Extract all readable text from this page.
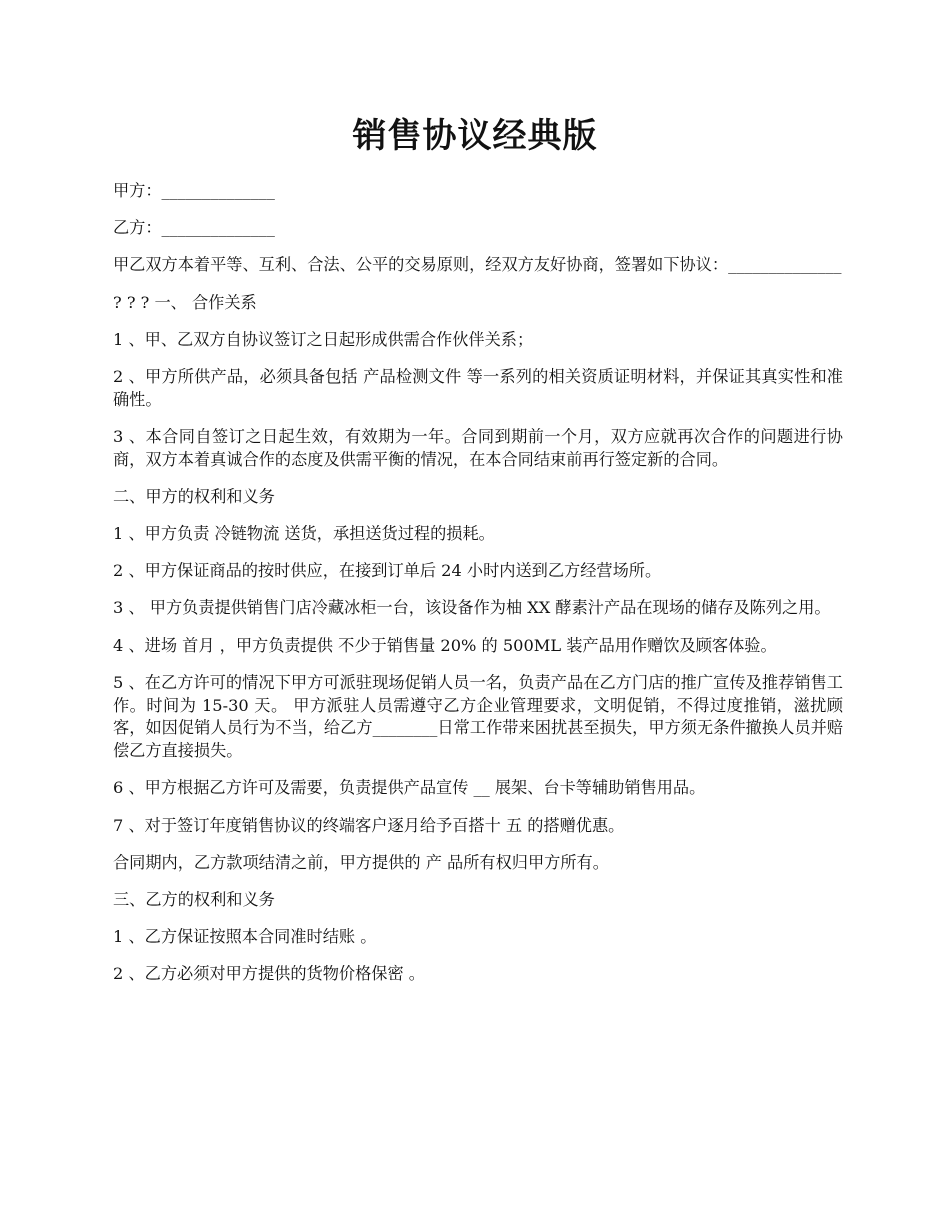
销售协议经典版

甲方：______________

乙方：______________

甲乙双方本着平等、互利、合法、公平的交易原则，经双方友好协商，签署如下协议：______________

? ? ? 一、 合作关系

1 、甲、乙双方自协议签订之日起形成供需合作伙伴关系；

2 、甲方所供产品，必须具备包括 产品检测文件 等一系列的相关资质证明材料，并保证其真实性和准确性。

3 、本合同自签订之日起生效，有效期为一年。合同到期前一个月，双方应就再次合作的问题进行协商，双方本着真诚合作的态度及供需平衡的情况，在本合同结束前再行签定新的合同。

二、甲方的权利和义务

1 、甲方负责 冷链物流 送货，承担送货过程的损耗。

2 、甲方保证商品的按时供应，在接到订单后 24 小时内送到乙方经营场所。

3 、 甲方负责提供销售门店冷藏冰柜一台，该设备作为柚 XX 酵素汁产品在现场的储存及陈列之用。

4 、进场 首月 ，甲方负责提供 不少于销售量 20% 的 500ML 装产品用作赠饮及顾客体验。

5 、在乙方许可的情况下甲方可派驻现场促销人员一名，负责产品在乙方门店的推广宣传及推荐销售工作。时间为 15-30 天。 甲方派驻人员需遵守乙方企业管理要求，文明促销，不得过度推销，滋扰顾客，如因促销人员行为不当，给乙方________日常工作带来困扰甚至损失，甲方须无条件撤换人员并赔偿乙方直接损失。

6 、甲方根据乙方许可及需要，负责提供产品宣传 __ 展架、台卡等辅助销售用品。

7 、对于签订年度销售协议的终端客户逐月给予百搭十 五 的搭赠优惠。

合同期内，乙方款项结清之前，甲方提供的 产 品所有权归甲方所有。

三、乙方的权利和义务

1 、乙方保证按照本合同准时结账 。

2 、乙方必须对甲方提供的货物价格保密 。
